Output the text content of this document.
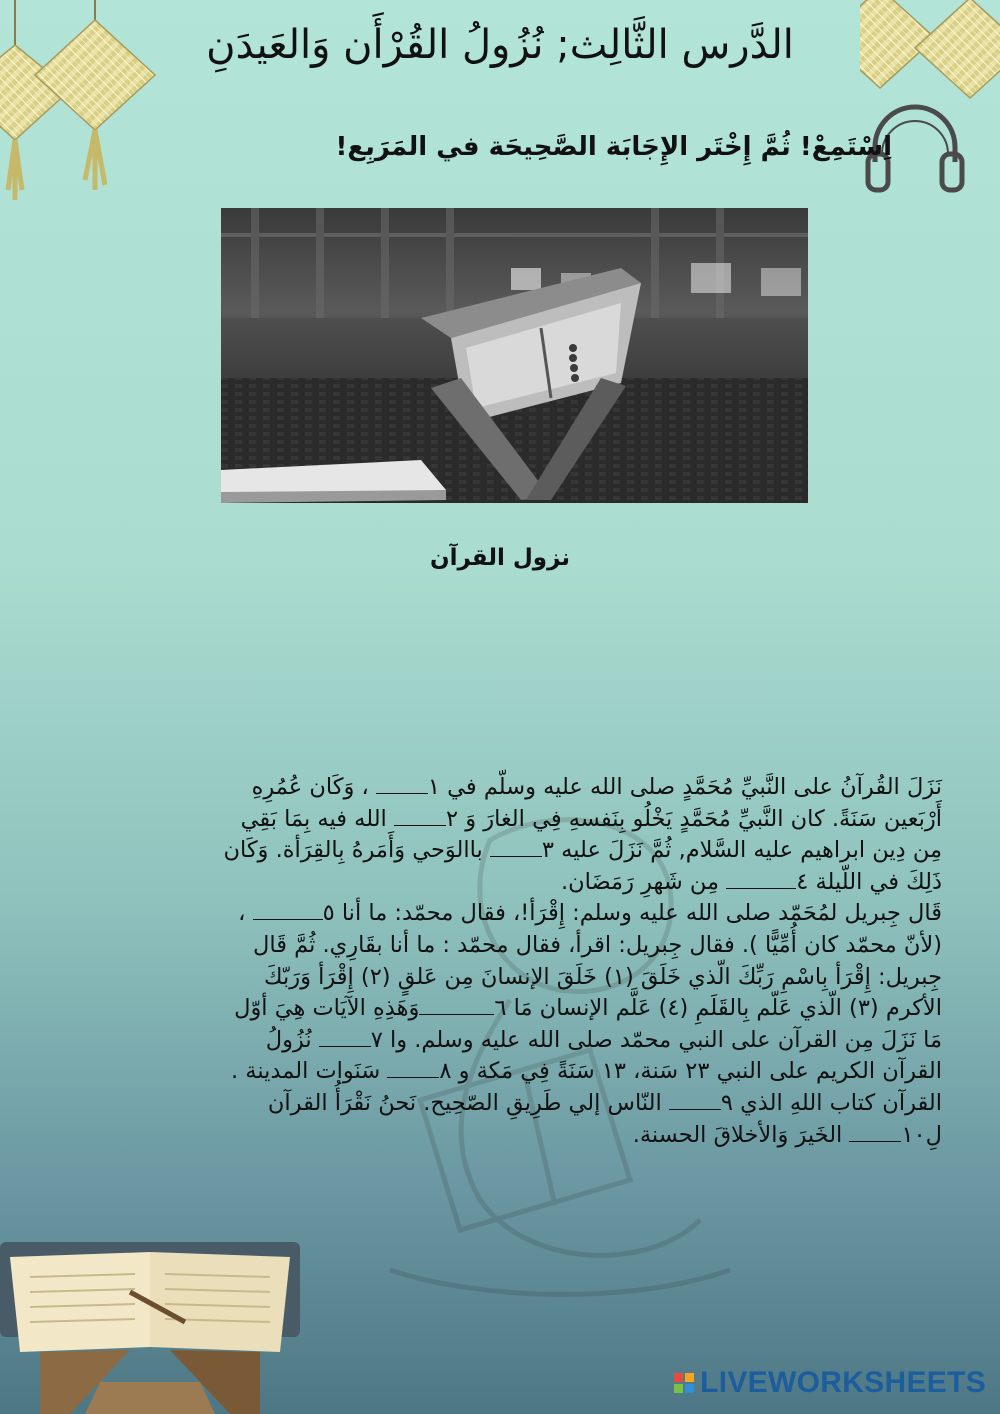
الدَّرس الثَّالِث; نُزُولُ القُرْأَن وَالعَيدَنِ
اِسْتَمِعْ! ثُمَّ إِخْتَر الإِجَابَة الصَّحِيحَة في المَرَبِع!
نزول القرآن

نَزَلَ القُرآنُ على النَّبيِّ مُحَمَّدٍ صلى الله عليه وسلّم في ١ ، وَكَان عُمُرِهِ

أَرْبَعين سَنَةً. كان النَّبيِّ مُحَمَّدٍ يَخْلُو بِنَفسهِ فِي الغارَ وَ ٢ الله فيه بِمَا بَقِي

مِن دِين ابراهيم عليه السَّلام, ثُمَّ نَزَلَ عليه ٣ باالوَحي وَأَمَرهُ بِالقِرَأة. وَكَان

ذَلِكَ في اللّيلة ٤ مِن شَهرِ رَمَضَان.

قَال جِبريل لمُحَمّد صلى الله عليه وسلم: إِقْرَأ!، فقال محمّد: ما أنا ٥ ،

(لأنّ محمّد كان أُمِّيًّا ). فقال جِبريل: اقرأ، فقال محمّد : ما أنا بقَارِي. ثُمَّ قَال

جِبريل: إِقْرَأ بِاسْمِ رَبِّكَ الّذي خَلَقَ (١) خَلَقَ الإنسانَ مِن عَلقٍ (٢) إِقْرَأ وَرَبّكَ

الأكرم (٣) الّذي عَلّم بِالقَلَمِ (٤) عَلَّم الإنسان مَا ٦وَهَذِهِ الآيَات هِيَ أوّل

مَا نَزَلَ مِن القرآن على النبي محمّد صلى الله عليه وسلم. وا ٧ نُزُولُ

القرآن الكريم على النبي ٢٣ سَنة، ١٣ سَنَةً فِي مَكة و ٨ سَنَوات المدينة .

القرآن كتاب اللهِ الذي ٩ النّاس إلي طَرِيقِ الصّحِيح. نَحنُ نَقْرَأُ القرآن

لِ١٠ الخَيرَ وَالأخلاقَ الحسنة.

LIVEWORKSHEETS
